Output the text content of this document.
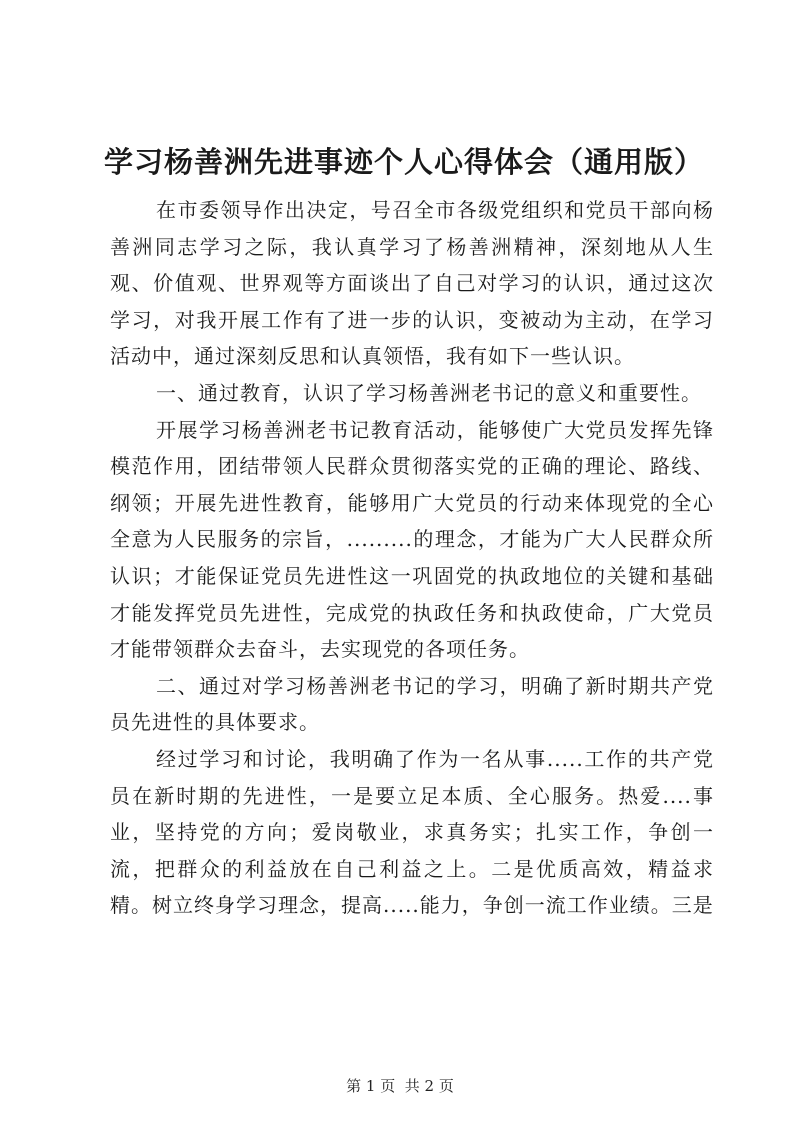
学习杨善洲先进事迹个人心得体会（通用版）

在市委领导作出决定，号召全市各级党组织和党员干部向杨善洲同志学习之际，我认真学习了杨善洲精神，深刻地从人生观、价值观、世界观等方面谈出了自己对学习的认识，通过这次学习，对我开展工作有了进一步的认识，变被动为主动，在学习活动中，通过深刻反思和认真领悟，我有如下一些认识。

一、通过教育，认识了学习杨善洲老书记的意义和重要性。

开展学习杨善洲老书记教育活动，能够使广大党员发挥先锋模范作用，团结带领人民群众贯彻落实党的正确的理论、路线、纲领；开展先进性教育，能够用广大党员的行动来体现党的全心全意为人民服务的宗旨，.........的理念，才能为广大人民群众所认识；才能保证党员先进性这一巩固党的执政地位的关键和基础才能发挥党员先进性，完成党的执政任务和执政使命，广大党员才能带领群众去奋斗，去实现党的各项任务。

二、通过对学习杨善洲老书记的学习，明确了新时期共产党员先进性的具体要求。

经过学习和讨论，我明确了作为一名从事.....工作的共产党员在新时期的先进性，一是要立足本质、全心服务。热爱....事业，坚持党的方向；爱岗敬业，求真务实；扎实工作，争创一流，把群众的利益放在自己利益之上。二是优质高效，精益求精。树立终身学习理念，提高.....能力，争创一流工作业绩。三是

第 1 页  共 2 页
